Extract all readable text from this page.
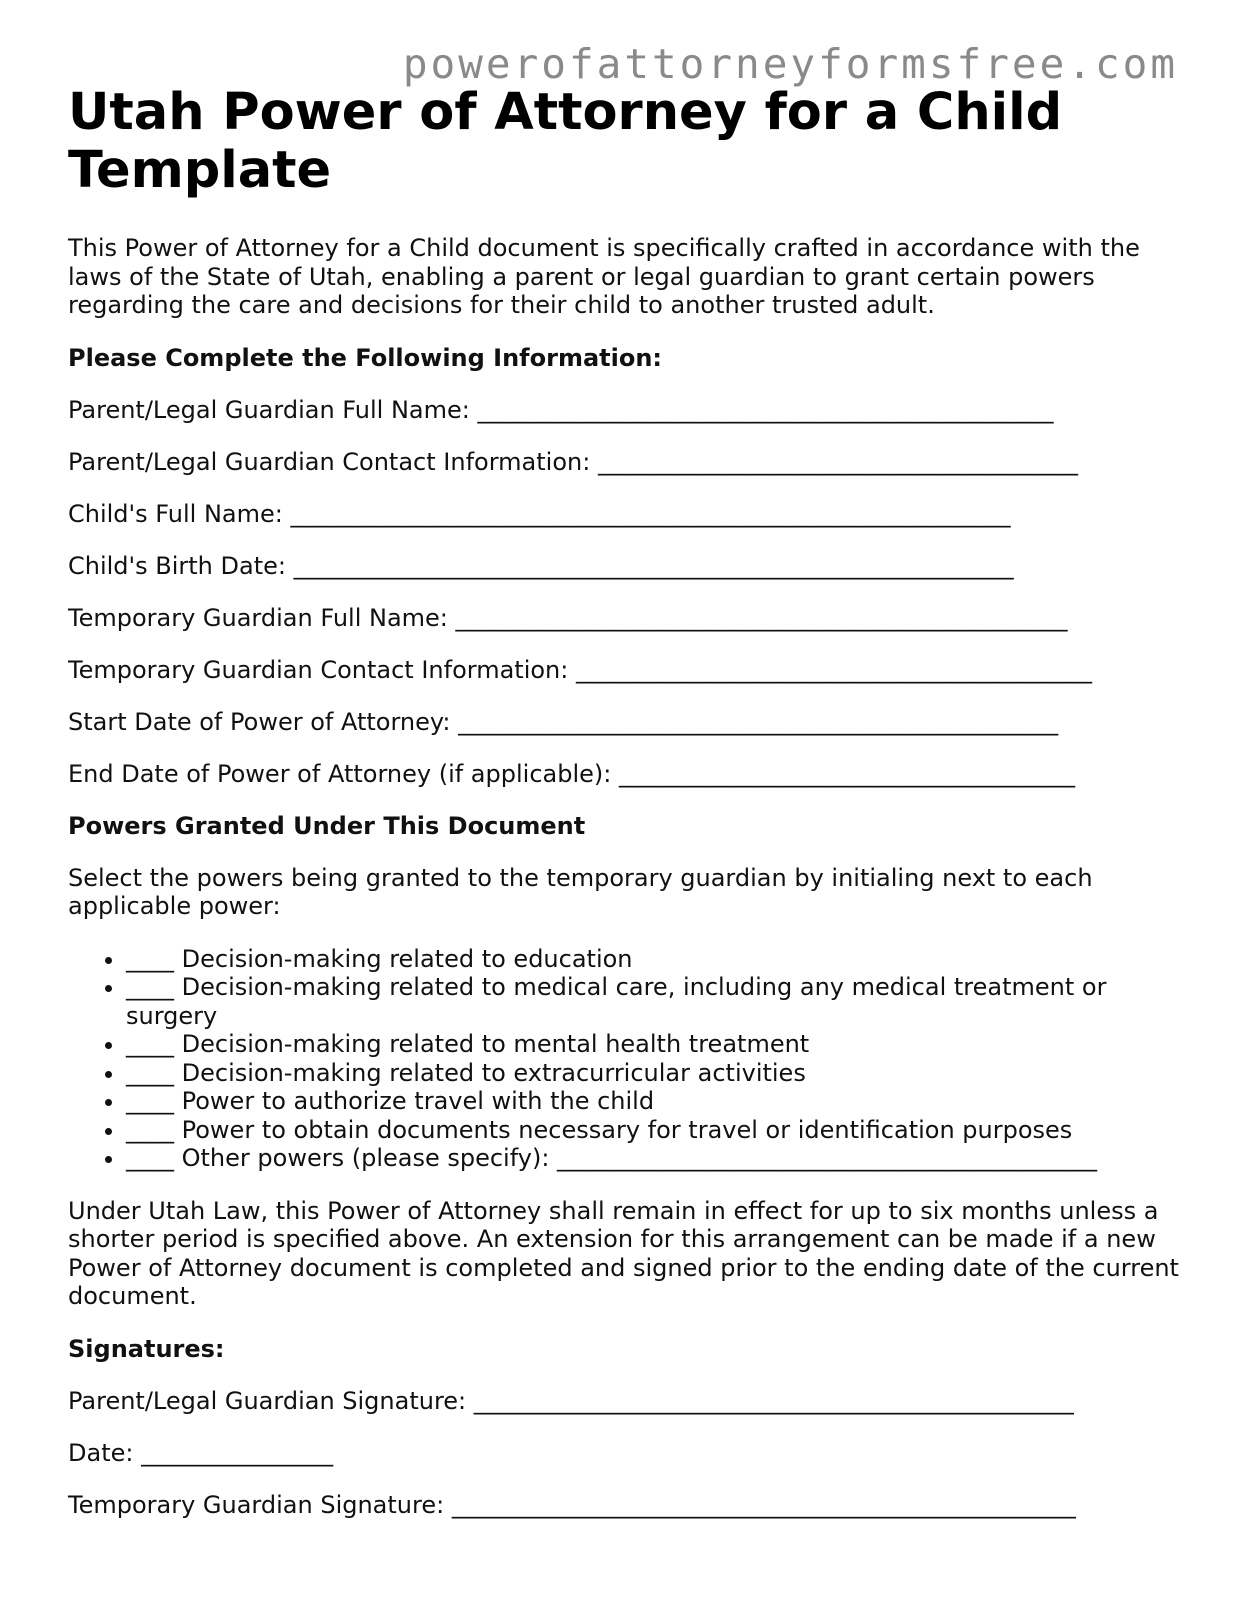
powerofattorneyformsfree.com
Utah Power of Attorney for a Child Template

This Power of Attorney for a Child document is specifically crafted in accordance with the laws of the State of Utah, enabling a parent or legal guardian to grant certain powers regarding the care and decisions for their child to another trusted adult.

Please Complete the Following Information:

Parent/Legal Guardian Full Name: ________________________________________________
Parent/Legal Guardian Contact Information: ________________________________________
Child's Full Name: ____________________________________________________________
Child's Birth Date: ____________________________________________________________
Temporary Guardian Full Name: ___________________________________________________
Temporary Guardian Contact Information: ___________________________________________
Start Date of Power of Attorney: __________________________________________________
End Date of Power of Attorney (if applicable): ______________________________________

Powers Granted Under This Document

Select the powers being granted to the temporary guardian by initialing next to each applicable power:

• ____ Decision-making related to education
• ____ Decision-making related to medical care, including any medical treatment or surgery
• ____ Decision-making related to mental health treatment
• ____ Decision-making related to extracurricular activities
• ____ Power to authorize travel with the child
• ____ Power to obtain documents necessary for travel or identification purposes
• ____ Other powers (please specify): _____________________________________________

Under Utah Law, this Power of Attorney shall remain in effect for up to six months unless a shorter period is specified above. An extension for this arrangement can be made if a new Power of Attorney document is completed and signed prior to the ending date of the current document.

Signatures:

Parent/Legal Guardian Signature: __________________________________________________
Date: ________________
Temporary Guardian Signature: ____________________________________________________
